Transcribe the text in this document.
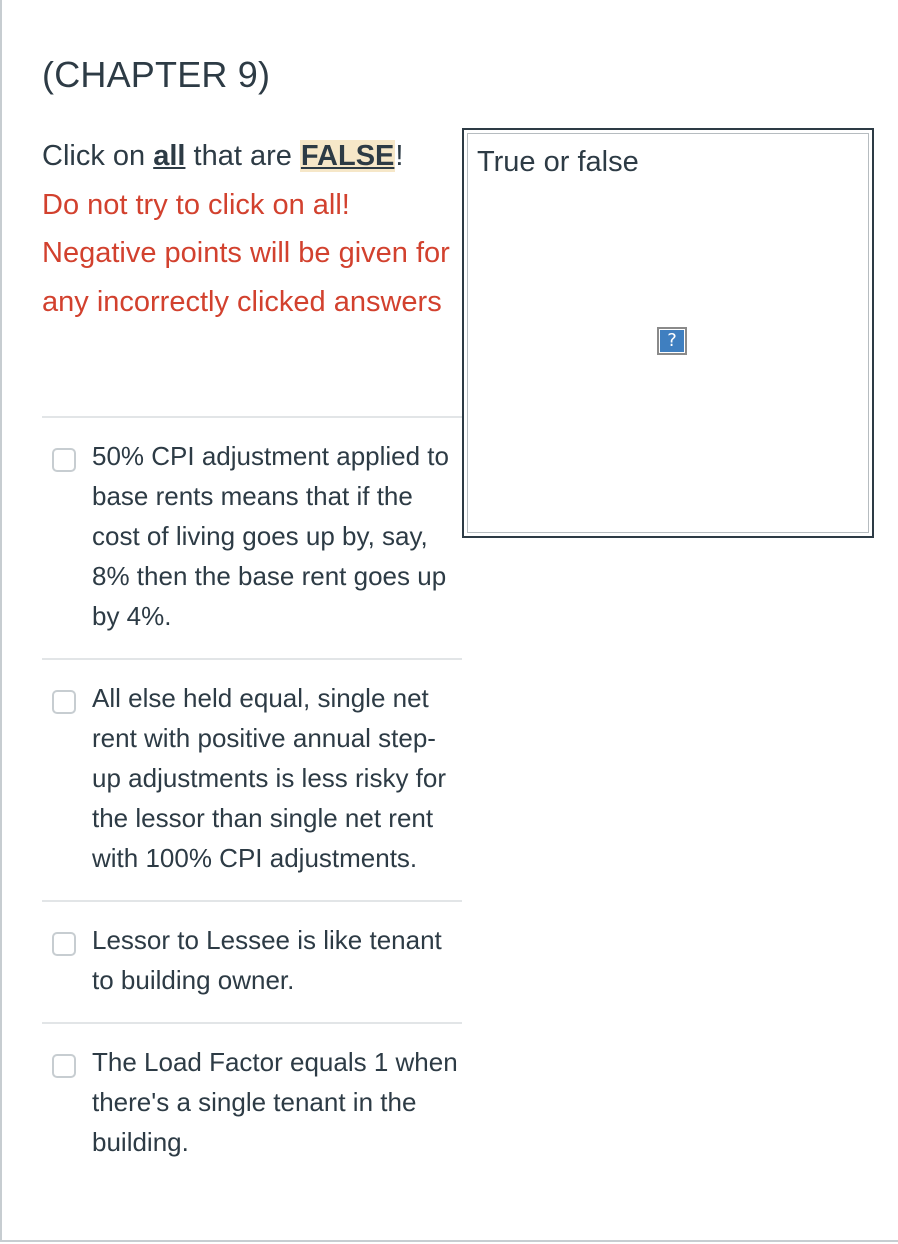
(CHAPTER 9)
Click on all that are FALSE!
Do not try to click on all!
Negative points will be given for any incorrectly clicked answers
50% CPI adjustment applied to base rents means that if the cost of living goes up by, say, 8% then the base rent goes up by 4%.
All else held equal, single net rent with positive annual step-up adjustments is less risky for the lessor than single net rent with 100% CPI adjustments.
Lessor to Lessee is like tenant to building owner.
The Load Factor equals 1 when there's a single tenant in the building.
True or false
?
